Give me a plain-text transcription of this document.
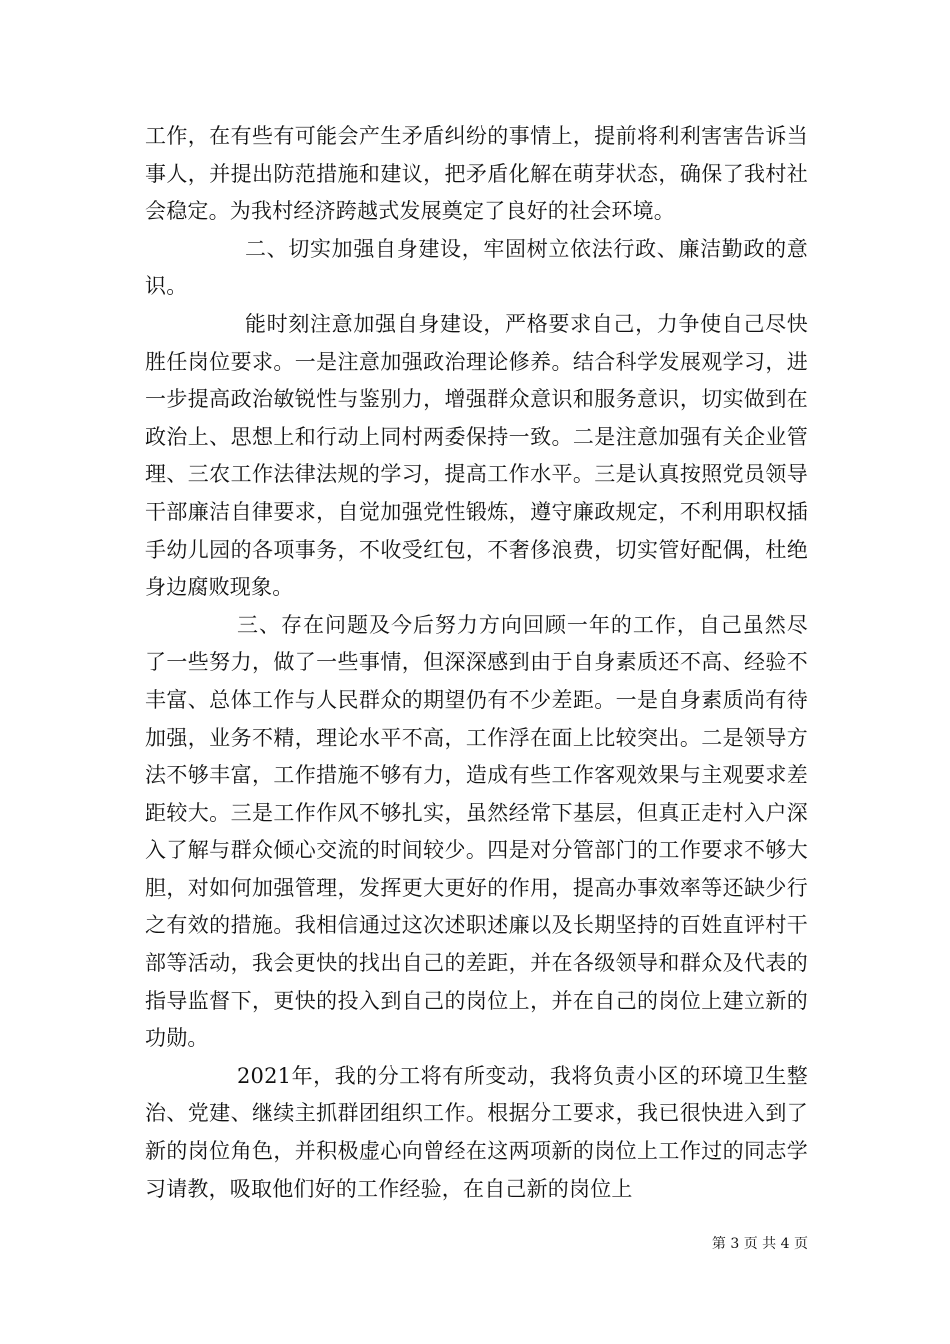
工作，在有些有可能会产生矛盾纠纷的事情上，提前将利利害害告诉当事人，并提出防范措施和建议，把矛盾化解在萌芽状态，确保了我村社会稳定。为我村经济跨越式发展奠定了良好的社会环境。

二、切实加强自身建设，牢固树立依法行政、廉洁勤政的意识。

能时刻注意加强自身建设，严格要求自己，力争使自己尽快胜任岗位要求。一是注意加强政治理论修养。结合科学发展观学习，进一步提高政治敏锐性与鉴别力，增强群众意识和服务意识，切实做到在政治上、思想上和行动上同村两委保持一致。二是注意加强有关企业管理、三农工作法律法规的学习，提高工作水平。三是认真按照党员领导干部廉洁自律要求，自觉加强党性锻炼，遵守廉政规定，不利用职权插手幼儿园的各项事务，不收受红包，不奢侈浪费，切实管好配偶，杜绝身边腐败现象。

三、存在问题及今后努力方向回顾一年的工作，自己虽然尽了一些努力，做了一些事情，但深深感到由于自身素质还不高、经验不丰富、总体工作与人民群众的期望仍有不少差距。一是自身素质尚有待加强，业务不精，理论水平不高，工作浮在面上比较突出。二是领导方法不够丰富，工作措施不够有力，造成有些工作客观效果与主观要求差距较大。三是工作作风不够扎实，虽然经常下基层，但真正走村入户深入了解与群众倾心交流的时间较少。四是对分管部门的工作要求不够大胆，对如何加强管理，发挥更大更好的作用，提高办事效率等还缺少行之有效的措施。我相信通过这次述职述廉以及长期坚持的百姓直评村干部等活动，我会更快的找出自己的差距，并在各级领导和群众及代表的指导监督下，更快的投入到自己的岗位上，并在自己的岗位上建立新的功勋。

2021年，我的分工将有所变动，我将负责小区的环境卫生整治、党建、继续主抓群团组织工作。根据分工要求，我已很快进入到了新的岗位角色，并积极虚心向曾经在这两项新的岗位上工作过的同志学习请教，吸取他们好的工作经验，在自己新的岗位上

第 3 页 共 4 页
